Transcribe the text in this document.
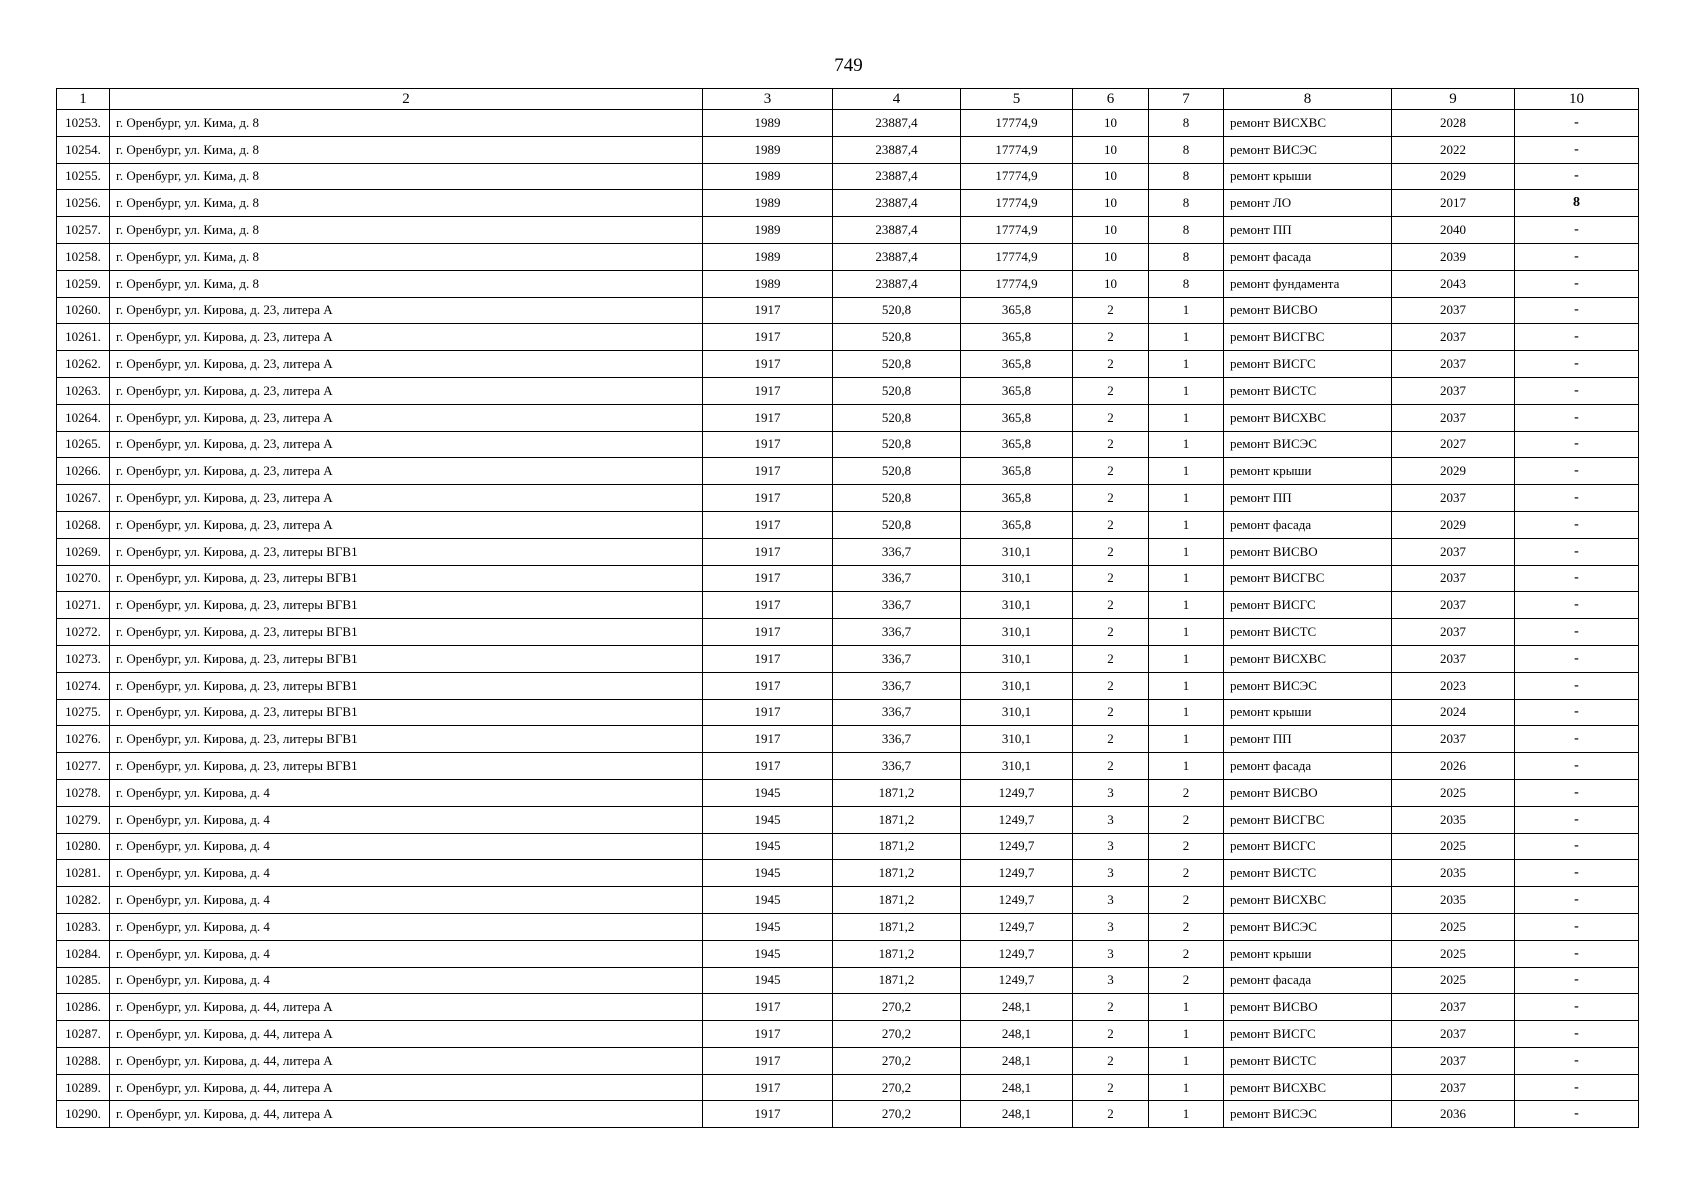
749
1	2	3	4	5	6	7	8	9	10
10253.	г. Оренбург, ул. Кима, д. 8	1989	23887,4	17774,9	10	8	ремонт ВИСХВС	2028	-
10254.	г. Оренбург, ул. Кима, д. 8	1989	23887,4	17774,9	10	8	ремонт ВИСЭС	2022	-
10255.	г. Оренбург, ул. Кима, д. 8	1989	23887,4	17774,9	10	8	ремонт крыши	2029	-
10256.	г. Оренбург, ул. Кима, д. 8	1989	23887,4	17774,9	10	8	ремонт ЛО	2017	8
10257.	г. Оренбург, ул. Кима, д. 8	1989	23887,4	17774,9	10	8	ремонт ПП	2040	-
10258.	г. Оренбург, ул. Кима, д. 8	1989	23887,4	17774,9	10	8	ремонт фасада	2039	-
10259.	г. Оренбург, ул. Кима, д. 8	1989	23887,4	17774,9	10	8	ремонт фундамента	2043	-
10260.	г. Оренбург, ул. Кирова, д. 23, литера А	1917	520,8	365,8	2	1	ремонт ВИСВО	2037	-
10261.	г. Оренбург, ул. Кирова, д. 23, литера А	1917	520,8	365,8	2	1	ремонт ВИСГВС	2037	-
10262.	г. Оренбург, ул. Кирова, д. 23, литера А	1917	520,8	365,8	2	1	ремонт ВИСГС	2037	-
10263.	г. Оренбург, ул. Кирова, д. 23, литера А	1917	520,8	365,8	2	1	ремонт ВИСТС	2037	-
10264.	г. Оренбург, ул. Кирова, д. 23, литера А	1917	520,8	365,8	2	1	ремонт ВИСХВС	2037	-
10265.	г. Оренбург, ул. Кирова, д. 23, литера А	1917	520,8	365,8	2	1	ремонт ВИСЭС	2027	-
10266.	г. Оренбург, ул. Кирова, д. 23, литера А	1917	520,8	365,8	2	1	ремонт крыши	2029	-
10267.	г. Оренбург, ул. Кирова, д. 23, литера А	1917	520,8	365,8	2	1	ремонт ПП	2037	-
10268.	г. Оренбург, ул. Кирова, д. 23, литера А	1917	520,8	365,8	2	1	ремонт фасада	2029	-
10269.	г. Оренбург, ул. Кирова, д. 23, литеры ВГВ1	1917	336,7	310,1	2	1	ремонт ВИСВО	2037	-
10270.	г. Оренбург, ул. Кирова, д. 23, литеры ВГВ1	1917	336,7	310,1	2	1	ремонт ВИСГВС	2037	-
10271.	г. Оренбург, ул. Кирова, д. 23, литеры ВГВ1	1917	336,7	310,1	2	1	ремонт ВИСГС	2037	-
10272.	г. Оренбург, ул. Кирова, д. 23, литеры ВГВ1	1917	336,7	310,1	2	1	ремонт ВИСТС	2037	-
10273.	г. Оренбург, ул. Кирова, д. 23, литеры ВГВ1	1917	336,7	310,1	2	1	ремонт ВИСХВС	2037	-
10274.	г. Оренбург, ул. Кирова, д. 23, литеры ВГВ1	1917	336,7	310,1	2	1	ремонт ВИСЭС	2023	-
10275.	г. Оренбург, ул. Кирова, д. 23, литеры ВГВ1	1917	336,7	310,1	2	1	ремонт крыши	2024	-
10276.	г. Оренбург, ул. Кирова, д. 23, литеры ВГВ1	1917	336,7	310,1	2	1	ремонт ПП	2037	-
10277.	г. Оренбург, ул. Кирова, д. 23, литеры ВГВ1	1917	336,7	310,1	2	1	ремонт фасада	2026	-
10278.	г. Оренбург, ул. Кирова, д. 4	1945	1871,2	1249,7	3	2	ремонт ВИСВО	2025	-
10279.	г. Оренбург, ул. Кирова, д. 4	1945	1871,2	1249,7	3	2	ремонт ВИСГВС	2035	-
10280.	г. Оренбург, ул. Кирова, д. 4	1945	1871,2	1249,7	3	2	ремонт ВИСГС	2025	-
10281.	г. Оренбург, ул. Кирова, д. 4	1945	1871,2	1249,7	3	2	ремонт ВИСТС	2035	-
10282.	г. Оренбург, ул. Кирова, д. 4	1945	1871,2	1249,7	3	2	ремонт ВИСХВС	2035	-
10283.	г. Оренбург, ул. Кирова, д. 4	1945	1871,2	1249,7	3	2	ремонт ВИСЭС	2025	-
10284.	г. Оренбург, ул. Кирова, д. 4	1945	1871,2	1249,7	3	2	ремонт крыши	2025	-
10285.	г. Оренбург, ул. Кирова, д. 4	1945	1871,2	1249,7	3	2	ремонт фасада	2025	-
10286.	г. Оренбург, ул. Кирова, д. 44, литера А	1917	270,2	248,1	2	1	ремонт ВИСВО	2037	-
10287.	г. Оренбург, ул. Кирова, д. 44, литера А	1917	270,2	248,1	2	1	ремонт ВИСГС	2037	-
10288.	г. Оренбург, ул. Кирова, д. 44, литера А	1917	270,2	248,1	2	1	ремонт ВИСТС	2037	-
10289.	г. Оренбург, ул. Кирова, д. 44, литера А	1917	270,2	248,1	2	1	ремонт ВИСХВС	2037	-
10290.	г. Оренбург, ул. Кирова, д. 44, литера А	1917	270,2	248,1	2	1	ремонт ВИСЭС	2036	-
